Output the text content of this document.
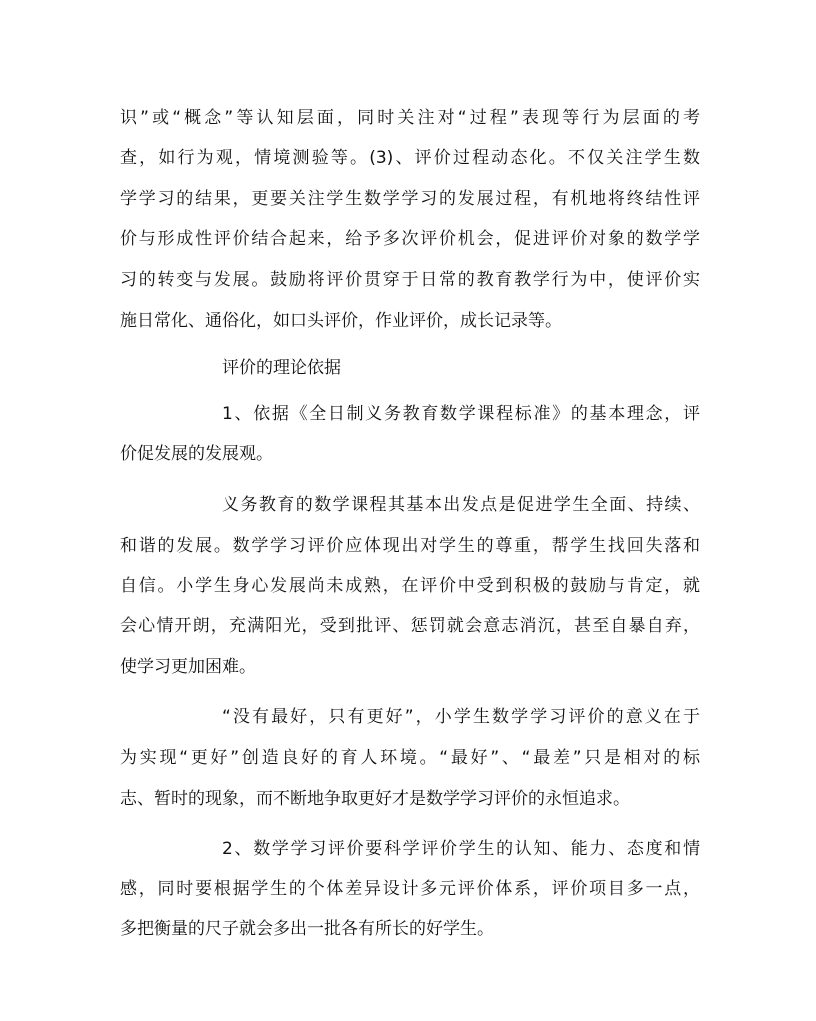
识”或“概念”等认知层面，同时关注对“过程”表现等行为层面的考
查，如行为观，情境测验等。(3)、评价过程动态化。不仅关注学生数
学学习的结果，更要关注学生数学学习的发展过程，有机地将终结性评
价与形成性评价结合起来，给予多次评价机会，促进评价对象的数学学
习的转变与发展。鼓励将评价贯穿于日常的教育教学行为中，使评价实
施日常化、通俗化，如口头评价，作业评价，成长记录等。
评价的理论依据
1、依据《全日制义务教育数学课程标准》的基本理念，评
价促发展的发展观。
义务教育的数学课程其基本出发点是促进学生全面、持续、
和谐的发展。数学学习评价应体现出对学生的尊重，帮学生找回失落和
自信。小学生身心发展尚未成熟，在评价中受到积极的鼓励与肯定，就
会心情开朗，充满阳光，受到批评、惩罚就会意志消沉，甚至自暴自弃，
使学习更加困难。
“没有最好，只有更好”，小学生数学学习评价的意义在于
为实现“更好”创造良好的育人环境。“最好”、“最差”只是相对的标
志、暂时的现象，而不断地争取更好才是数学学习评价的永恒追求。
2、数学学习评价要科学评价学生的认知、能力、态度和情
感，同时要根据学生的个体差异设计多元评价体系，评价项目多一点，
多把衡量的尺子就会多出一批各有所长的好学生。
